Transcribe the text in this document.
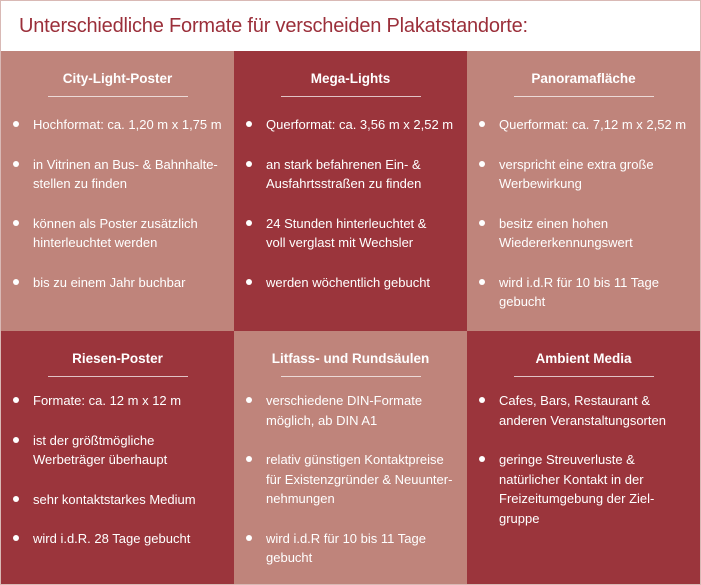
Unterschiedliche Formate für verscheiden Plakatstandorte:
City-Light-Poster
Hochformat: ca. 1,20 m x 1,75 m
in Vitrinen an Bus- & Bahnhalte-
stellen zu finden
können als Poster zusätzlich
hinterleuchtet werden
bis zu einem Jahr buchbar
Mega-Lights
Querformat: ca. 3,56 m x 2,52 m
an stark befahrenen Ein- &
Ausfahrtsstraßen zu finden
24 Stunden hinterleuchtet &
voll verglast mit Wechsler
werden wöchentlich gebucht
Panoramafläche
Querformat: ca. 7,12 m x 2,52 m
verspricht eine extra große
Werbewirkung
besitz einen hohen
Wiedererkennungswert
wird i.d.R für 10 bis 11 Tage
gebucht
Riesen-Poster
Formate: ca. 12 m x 12 m
ist der größtmögliche
Werbeträger überhaupt
sehr kontaktstarkes Medium
wird i.d.R. 28 Tage gebucht
Litfass- und Rundsäulen
verschiedene DIN-Formate
möglich, ab DIN A1
relativ günstigen Kontaktpreise
für Existenzgründer & Neuunter-
nehmungen
wird i.d.R für 10 bis 11 Tage
gebucht
Ambient Media
Cafes, Bars, Restaurant &
anderen Veranstaltungsorten
geringe Streuverluste &
natürlicher Kontakt in der
Freizeitumgebung der Ziel-
gruppe
